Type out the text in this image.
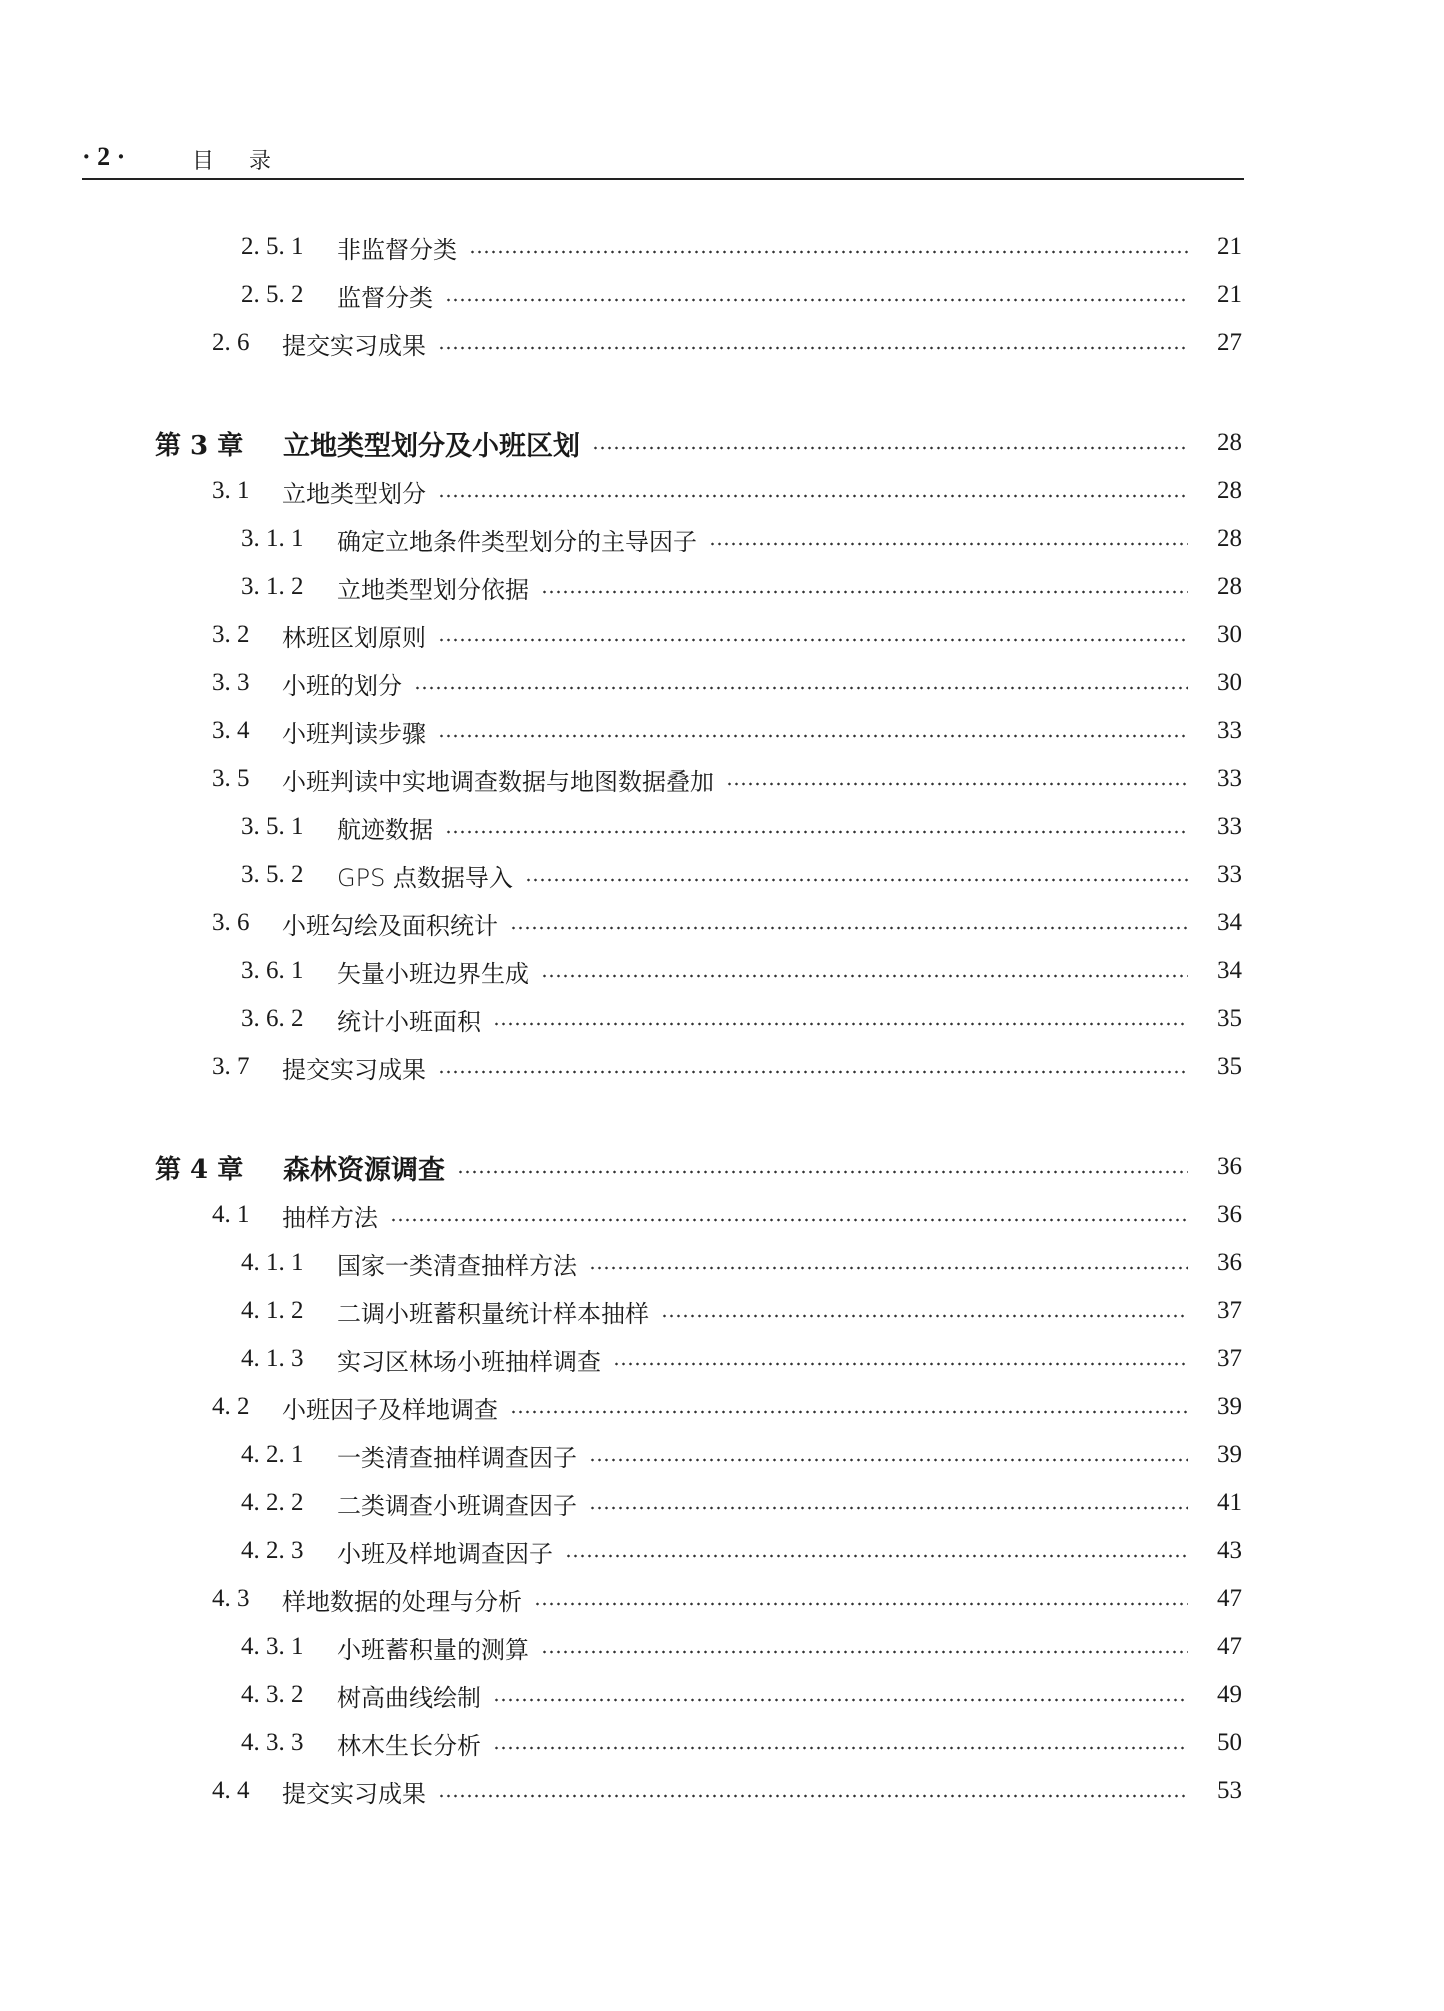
· 2 ·	目 录
2. 5. 1	非监督分类	21
2. 5. 2	监督分类	21
2. 6	提交实习成果	27
第 3 章	立地类型划分及小班区划	28
3. 1	立地类型划分	28
3. 1. 1	确定立地条件类型划分的主导因子	28
3. 1. 2	立地类型划分依据	28
3. 2	林班区划原则	30
3. 3	小班的划分	30
3. 4	小班判读步骤	33
3. 5	小班判读中实地调查数据与地图数据叠加	33
3. 5. 1	航迹数据	33
3. 5. 2	GPS 点数据导入	33
3. 6	小班勾绘及面积统计	34
3. 6. 1	矢量小班边界生成	34
3. 6. 2	统计小班面积	35
3. 7	提交实习成果	35
第 4 章	森林资源调查	36
4. 1	抽样方法	36
4. 1. 1	国家一类清查抽样方法	36
4. 1. 2	二调小班蓄积量统计样本抽样	37
4. 1. 3	实习区林场小班抽样调查	37
4. 2	小班因子及样地调查	39
4. 2. 1	一类清查抽样调查因子	39
4. 2. 2	二类调查小班调查因子	41
4. 2. 3	小班及样地调查因子	43
4. 3	样地数据的处理与分析	47
4. 3. 1	小班蓄积量的测算	47
4. 3. 2	树高曲线绘制	49
4. 3. 3	林木生长分析	50
4. 4	提交实习成果	53
